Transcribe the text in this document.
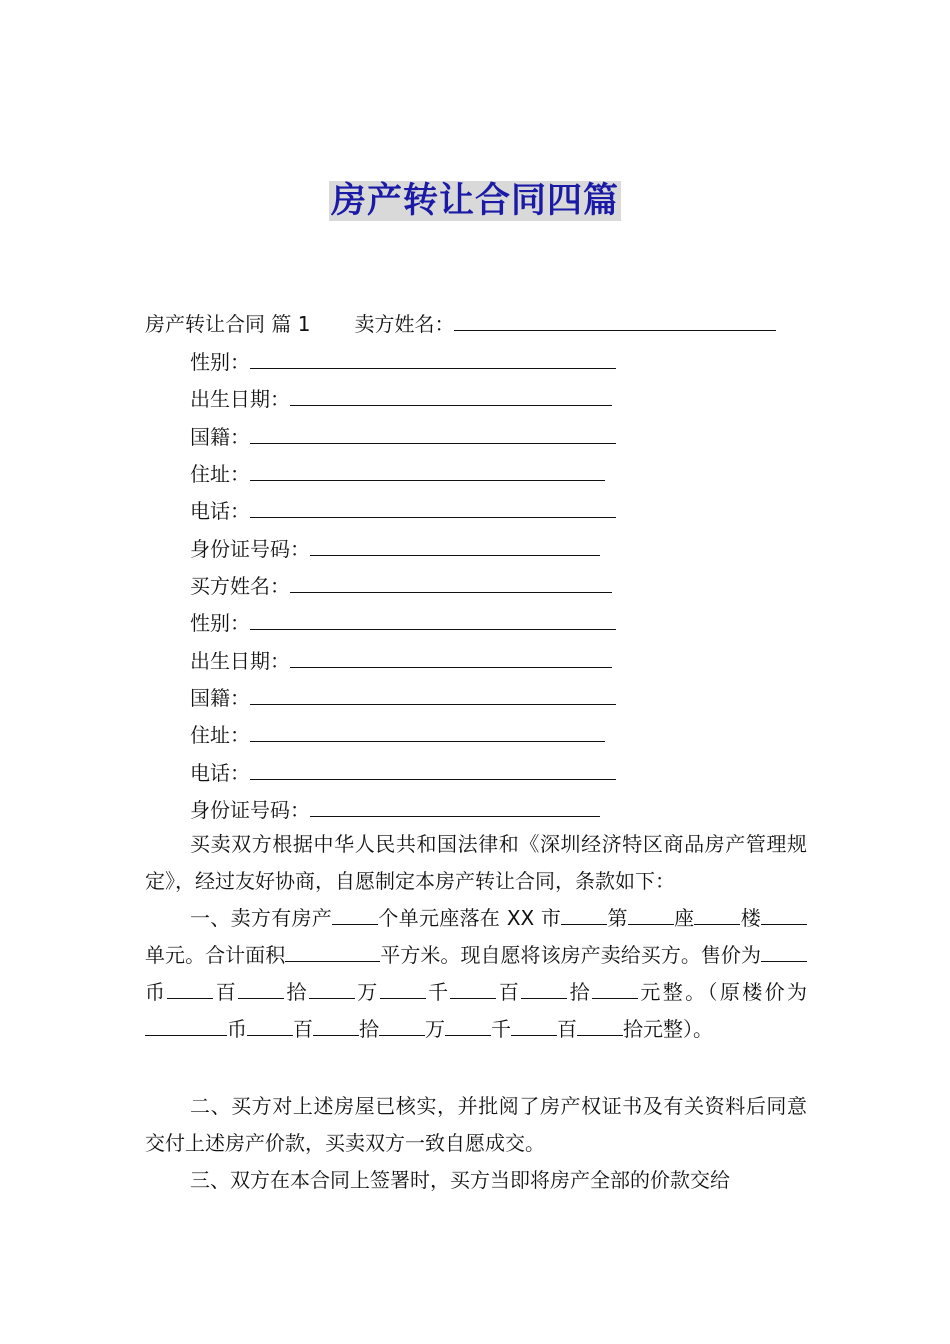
房产转让合同四篇
房产转让合同 篇 1 卖方姓名：
性别：
出生日期：
国籍：
住址：
电话：
身份证号码：
买方姓名：
性别：
出生日期：
国籍：
住址：
电话：
身份证号码：
买卖双方根据中华人民共和国法律和《深圳经济特区商品房产管理规定》，经过友好协商，自愿制定本房产转让合同，条款如下：
一、卖方有房产 个单元座落在 XX 市 第 座 楼单元。合计面积	平方米。现自愿将该房产卖给买方。售价为币 百 拾 万 千 百 拾 元整。（原楼价为币 百 拾 万 千 百 拾元整）。
二、买方对上述房屋已核实，并批阅了房产权证书及有关资料后同意交付上述房产价款，买卖双方一致自愿成交。
三、双方在本合同上签署时，买方当即将房产全部的价款交给
